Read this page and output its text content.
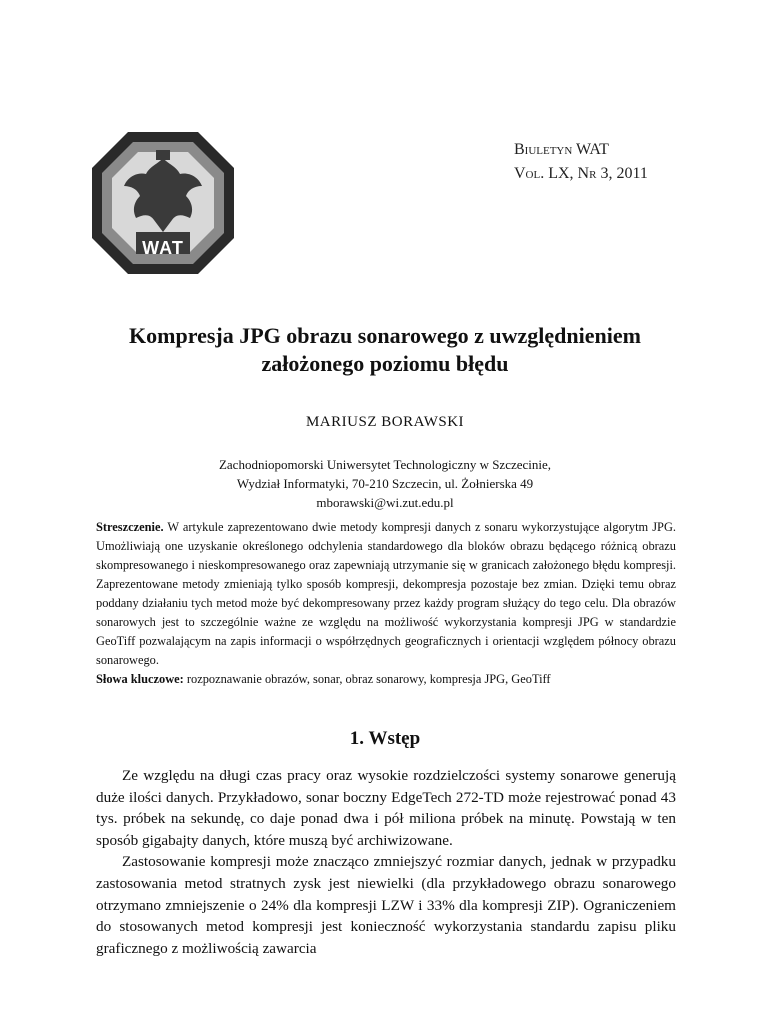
WAT
Biuletyn WAT
Vol. LX, Nr 3, 2011
Kompresja JPG obrazu sonarowego z uwzględnieniem
założonego poziomu błędu
MARIUSZ BORAWSKI
Zachodniopomorski Uniwersytet Technologiczny w Szczecinie,
Wydział Informatyki, 70-210 Szczecin, ul. Żołnierska 49
mborawski@wi.zut.edu.pl

Streszczenie. W artykule zaprezentowano dwie metody kompresji danych z sonaru wykorzystujące algorytm JPG. Umożliwiają one uzyskanie określonego odchylenia standardowego dla bloków obrazu będącego różnicą obrazu skompresowanego i nieskompresowanego oraz zapewniają utrzymanie się w granicach założonego błędu kompresji. Zaprezentowane metody zmieniają tylko sposób kompresji, dekompresja pozostaje bez zmian. Dzięki temu obraz poddany działaniu tych metod może być dekompresowany przez każdy program służący do tego celu. Dla obrazów sonarowych jest to szczególnie ważne ze względu na możliwość wykorzystania kompresji JPG w standardzie GeoTiff pozwalającym na zapis informacji o współrzędnych geograficznych i orientacji względem północy obrazu sonarowego.

Słowa kluczowe: rozpoznawanie obrazów, sonar, obraz sonarowy, kompresja JPG, GeoTiff

1. Wstęp

Ze względu na długi czas pracy oraz wysokie rozdzielczości systemy sonarowe generują duże ilości danych. Przykładowo, sonar boczny EdgeTech 272-TD może rejestrować ponad 43 tys. próbek na sekundę, co daje ponad dwa i pół miliona próbek na minutę. Powstają w ten sposób gigabajty danych, które muszą być archiwizowane.

Zastosowanie kompresji może znacząco zmniejszyć rozmiar danych, jednak w przypadku zastosowania metod stratnych zysk jest niewielki (dla przykładowego obrazu sonarowego otrzymano zmniejszenie o 24% dla kompresji LZW i 33% dla kompresji ZIP). Ograniczeniem do stosowanych metod kompresji jest konieczność wykorzystania standardu zapisu pliku graficznego z możliwością zawarcia
